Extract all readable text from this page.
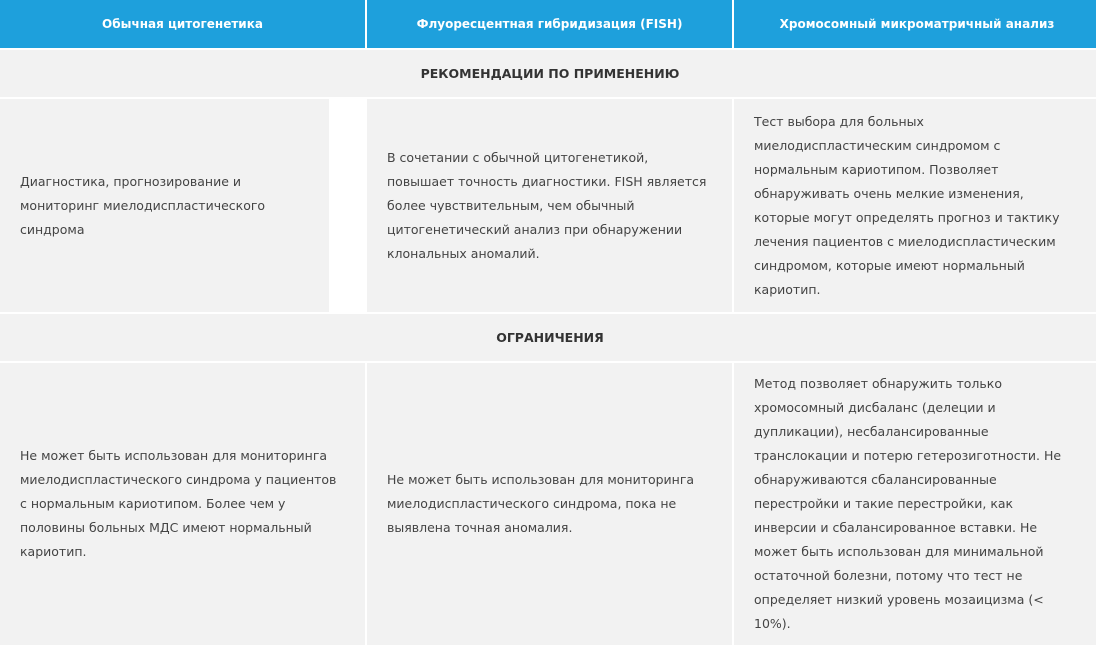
Обычная цитогенетика	Флуоресцентная гибридизация (FISH)	Хромосомный микроматричный анализ
РЕКОМЕНДАЦИИ ПО ПРИМЕНЕНИЮ

Диагностика, прогнозирование и мониторинг миелодиспластического синдрома

В сочетании с обычной цитогенетикой, повышает точность диагностики. FISH является более чувствительным, чем обычный цитогенетический анализ при обнаружении клональных аномалий.

Тест выбора для больных миелодиспластическим синдромом с нормальным кариотипом. Позволяет обнаруживать очень мелкие изменения, которые могут определять прогноз и тактику лечения пациентов с миелодиспластическим синдромом, которые имеют нормальный кариотип.

ОГРАНИЧЕНИЯ

Не может быть использован для мониторинга миелодиспластического синдрома у пациентов с нормальным кариотипом. Более чем у половины больных МДС имеют нормальный кариотип.

Не может быть использован для мониторинга миелодиспластического синдрома, пока не выявлена точная аномалия.

Метод позволяет обнаружить только хромосомный дисбаланс (делеции и дупликации), несбалансированные транслокации и потерю гетерозиготности. Не обнаруживаются сбалансированные перестройки и такие перестройки, как инверсии и сбалансированное вставки. Не может быть использован для минимальной остаточной болезни, потому что тест не определяет низкий уровень мозаицизма (< 10%).
